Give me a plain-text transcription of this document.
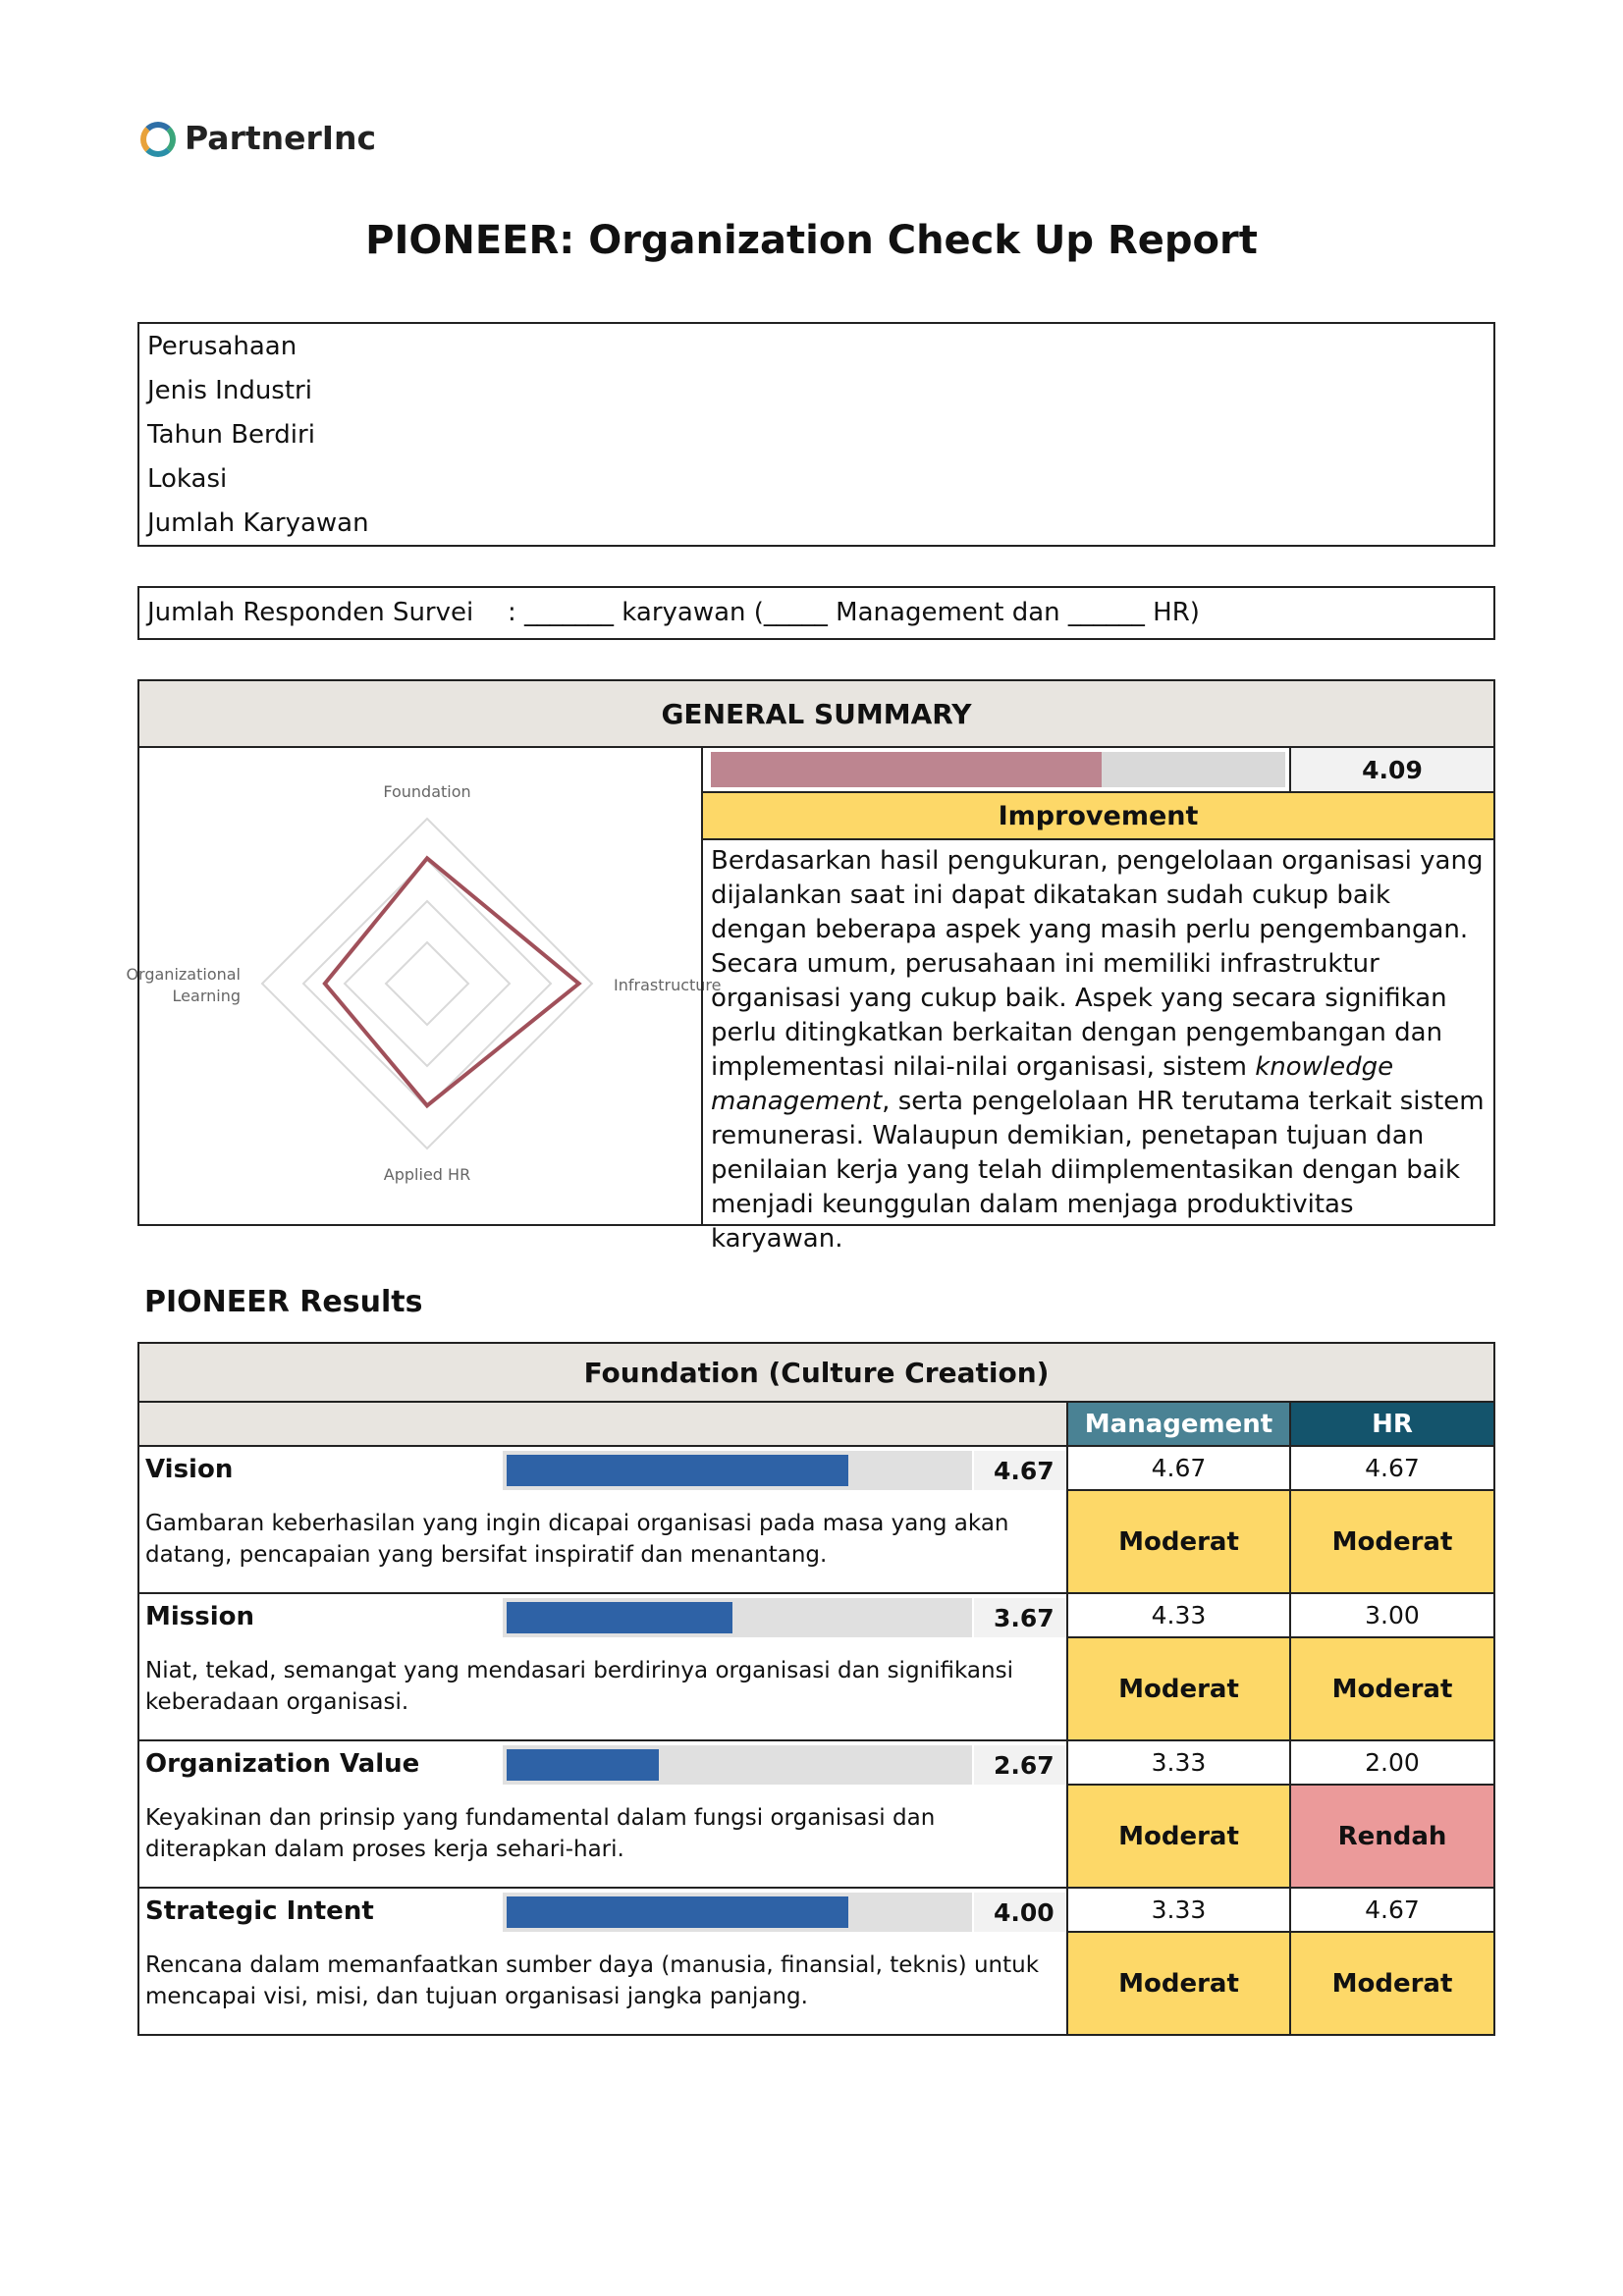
PartnerInc
PIONEER: Organization Check Up Report
Perusahaan
Jenis Industri
Tahun Berdiri
Lokasi
Jumlah Karyawan
Jumlah Responden Survei : _______ karyawan (_____ Management dan ______ HR)
GENERAL SUMMARY
Foundation
Infrastructure
Applied HR
Organizational
Learning
4.09
Improvement
Berdasarkan hasil pengukuran, pengelolaan organisasi yang dijalankan saat ini dapat dikatakan sudah cukup baik dengan beberapa aspek yang masih perlu pengembangan.
Secara umum, perusahaan ini memiliki infrastruktur organisasi yang cukup baik. Aspek yang secara signifikan perlu ditingkatkan berkaitan dengan pengembangan dan implementasi nilai-nilai organisasi, sistem knowledge management, serta pengelolaan HR terutama terkait sistem remunerasi. Walaupun demikian, penetapan tujuan dan penilaian kerja yang telah diimplementasikan dengan baik menjadi keunggulan dalam menjaga produktivitas karyawan.
PIONEER Results
Foundation (Culture Creation)
Management	HR
Vision	4.67
Gambaran keberhasilan yang ingin dicapai organisasi pada masa yang akan datang, pencapaian yang bersifat inspiratif dan menantang.
4.67	4.67
Moderat	Moderat
Mission	3.67
Niat, tekad, semangat yang mendasari berdirinya organisasi dan signifikansi keberadaan organisasi.
4.33	3.00
Moderat	Moderat
Organization Value	2.67
Keyakinan dan prinsip yang fundamental dalam fungsi organisasi dan diterapkan dalam proses kerja sehari-hari.
3.33	2.00
Moderat	Rendah
Strategic Intent	4.00
Rencana dalam memanfaatkan sumber daya (manusia, finansial, teknis) untuk mencapai visi, misi, dan tujuan organisasi jangka panjang.
3.33	4.67
Moderat	Moderat
